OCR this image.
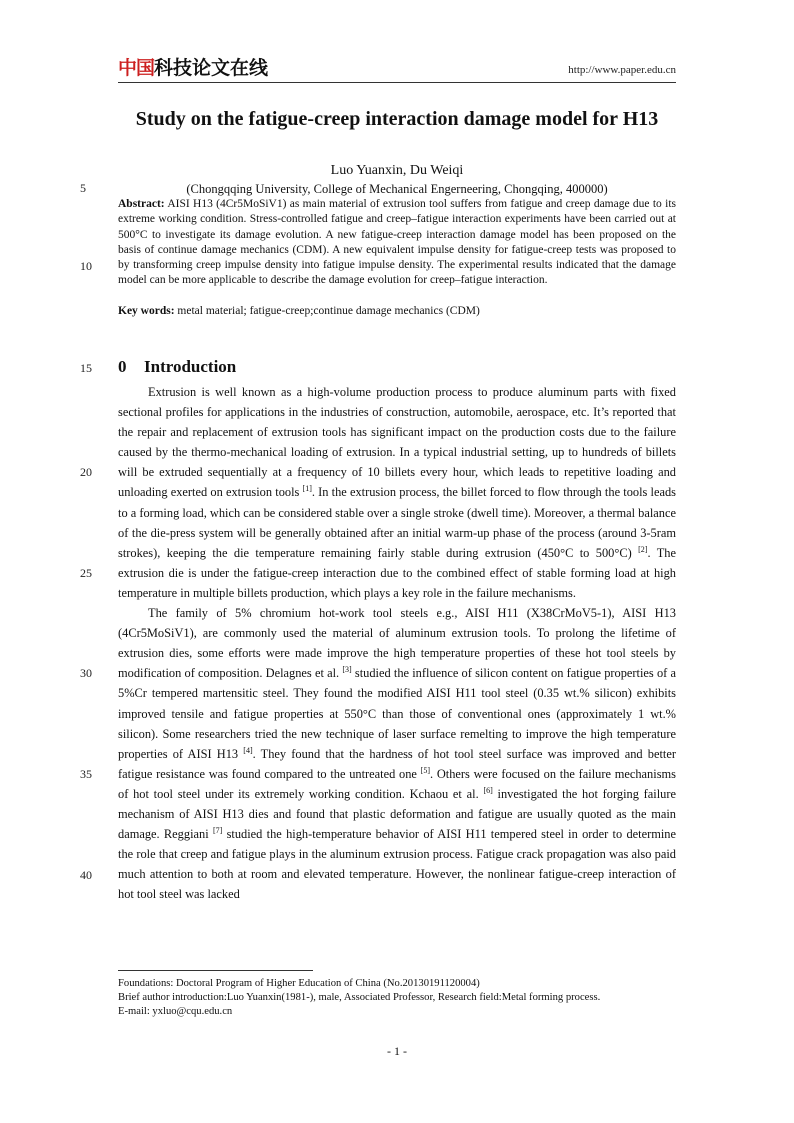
中国 科技论文在线	http://www.paper.edu.cn
Study on the fatigue-creep interaction damage model for H13
Luo Yuanxin, Du Weiqi
(Chongqqing University, College of Mechanical Engerneering, Chongqing, 400000)
5
10
15
20
25
30
35
40
Abstract: AISI H13 (4Cr5MoSiV1) as main material of extrusion tool suffers from fatigue and creep damage due to its extreme working condition. Stress-controlled fatigue and creep–fatigue interaction experiments have been carried out at 500°C to investigate its damage evolution. A new fatigue-creep interaction damage model has been proposed on the basis of continue damage mechanics (CDM). A new equivalent impulse density for fatigue-creep tests was proposed to by transforming creep impulse density into fatigue impulse density. The experimental results indicated that the damage model can be more applicable to describe the damage evolution for creep–fatigue interaction.
Key words: metal material; fatigue-creep;continue damage mechanics (CDM)
0 Introduction

Extrusion is well known as a high-volume production process to produce aluminum parts with fixed sectional profiles for applications in the industries of construction, automobile, aerospace, etc. It’s reported that the repair and replacement of extrusion tools has significant impact on the production costs due to the failure caused by the thermo-mechanical loading of extrusion. In a typical industrial setting, up to hundreds of billets will be extruded sequentially at a frequency of 10 billets every hour, which leads to repetitive loading and unloading exerted on extrusion tools [1]. In the extrusion process, the billet forced to flow through the tools leads to a forming load, which can be considered stable over a single stroke (dwell time). Moreover, a thermal balance of the die-press system will be generally obtained after an initial warm-up phase of the process (around 3-5ram strokes), keeping the die temperature remaining fairly stable during extrusion (450°C to 500°C) [2]. The extrusion die is under the fatigue-creep interaction due to the combined effect of stable forming load at high temperature in multiple billets production, which plays a key role in the failure mechanisms.

The family of 5% chromium hot-work tool steels e.g., AISI H11 (X38CrMoV5-1), AISI H13 (4Cr5MoSiV1), are commonly used the material of aluminum extrusion tools. To prolong the lifetime of extrusion dies, some efforts were made improve the high temperature properties of these hot tool steels by modification of composition. Delagnes et al. [3] studied the influence of silicon content on fatigue properties of a 5%Cr tempered martensitic steel. They found the modified AISI H11 tool steel (0.35 wt.% silicon) exhibits improved tensile and fatigue properties at 550°C than those of conventional ones (approximately 1 wt.% silicon). Some researchers tried the new technique of laser surface remelting to improve the high temperature properties of AISI H13 [4]. They found that the hardness of hot tool steel surface was improved and better fatigue resistance was found compared to the untreated one [5]. Others were focused on the failure mechanisms of hot tool steel under its extremely working condition. Kchaou et al. [6] investigated the hot forging failure mechanism of AISI H13 dies and found that plastic deformation and fatigue are usually quoted as the main damage. Reggiani [7] studied the high-temperature behavior of AISI H11 tempered steel in order to determine the role that creep and fatigue plays in the aluminum extrusion process. Fatigue crack propagation was also paid much attention to both at room and elevated temperature. However, the nonlinear fatigue-creep interaction of hot tool steel was lacked

Foundations: Doctoral Program of Higher Education of China (No.20130191120004)
Brief author introduction:Luo Yuanxin(1981-), male, Associated Professor, Research field:Metal forming process.
E-mail: yxluo@cqu.edu.cn
- 1 -
